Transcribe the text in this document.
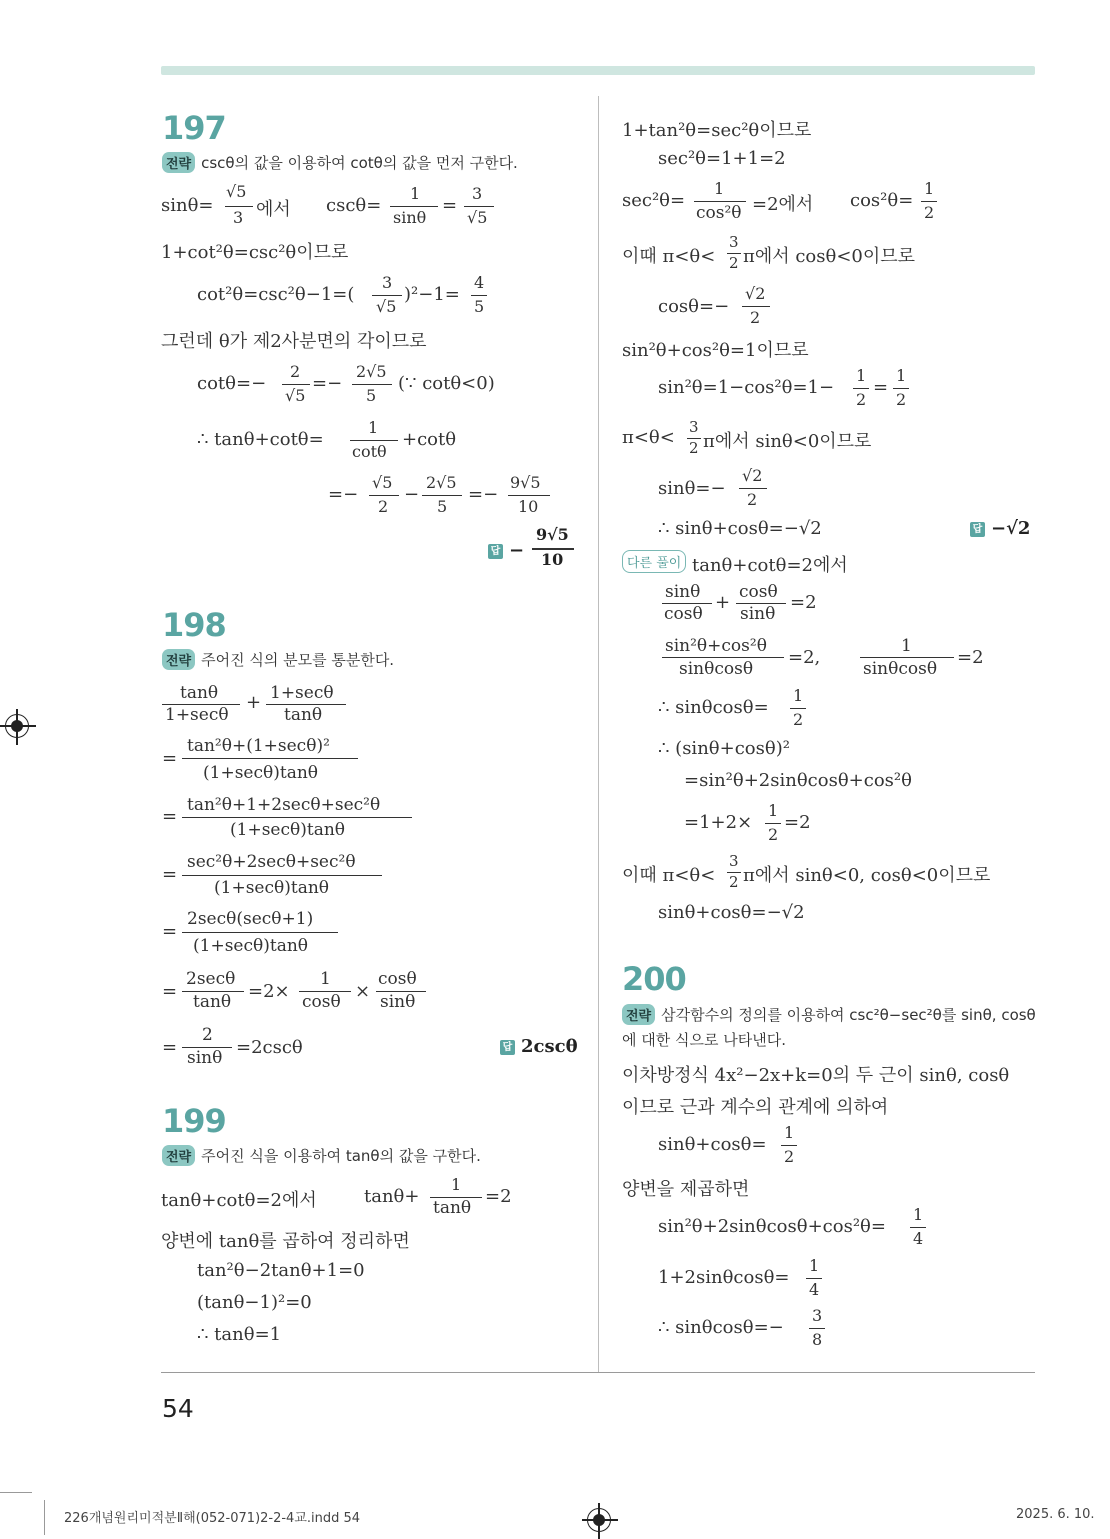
197
전략 cscθ의 값을 이용하여 cotθ의 값을 먼저 구한다.
sinθ=
√5
3 에서 cscθ=
1
sinθ
=
3
√5
1+cot²θ=csc²θ이므로
cot²θ=csc²θ−1=(
3
√5
)²−1=
4
5
그런데 θ가 제2사분면의 각이므로
cotθ=−
2
√5
=−
2√5
5
(∵ cotθ<0)
∴ tanθ+cotθ=
1
cotθ
+cotθ
=−
√5
2
−
2√5
5
=−
9√5
10
답 −
9√5
10
198
전략 주어진 식의 분모를 통분한다.
tanθ
1+secθ
+ 1+secθ
tanθ
=
tan²θ+(1+secθ)²
(1+secθ)tanθ
=
tan²θ+1+2secθ+sec²θ
(1+secθ)tanθ
=
sec²θ+2secθ+sec²θ
(1+secθ)tanθ
=
2secθ(secθ+1)
(1+secθ)tanθ
=
2secθ
tanθ =2×
1
cosθ ×
cosθ
sinθ
=
2
sinθ =2cscθ	답 2cscθ
199
전략 주어진 식을 이용하여 tanθ의 값을 구한다.
tanθ+cotθ=2에서	tanθ+
1
tanθ
=2
양변에 tanθ를 곱하여 정리하면
tan²θ−2tanθ+1=0
(tanθ−1)²=0
∴ tanθ=1
1+tan²θ=sec²θ이므로
sec²θ=1+1=2
sec²θ=
1
cos²θ =2에서 cos²θ=
1
2
이때 π<θ<
3
2 π에서 cosθ<0이므로
cosθ=−
√2
2
sin²θ+cos²θ=1이므로
sin²θ=1−cos²θ=1−
1
2
=
1
2
π<θ< 3
2 π에서 sinθ<0이므로
sinθ=−
√2
2
∴ sinθ+cosθ=−√2	답 −√2
다른 풀이 tanθ+cotθ=2에서
sinθ
cosθ
+ cosθ
sinθ
=2
sin²θ+cos²θ
sinθcosθ
=2,
1
sinθcosθ
=2
∴ sinθcosθ=
1
2
∴ (sinθ+cosθ)²
=sin²θ+2sinθcosθ+cos²θ
=1+2×
1
2
=2
이때 π<θ<
3
2 π에서 sinθ<0, cosθ<0이므로
sinθ+cosθ=−√2
200
전략 삼각함수의 정의를 이용하여 csc²θ−sec²θ를 sinθ, cosθ
에 대한 식으로 나타낸다.
이차방정식 4x²−2x+k=0의 두 근이 sinθ, cosθ
이므로 근과 계수의 관계에 의하여
sinθ+cosθ=
1
2
양변을 제곱하면
sin²θ+2sinθcosθ+cos²θ=
1
4
1+2sinθcosθ=
1
4
∴ sinθcosθ=−
3
8
54
226개념원리미적분Ⅱ해(052-071)2-2-4교.indd 54	2025. 6. 10.
